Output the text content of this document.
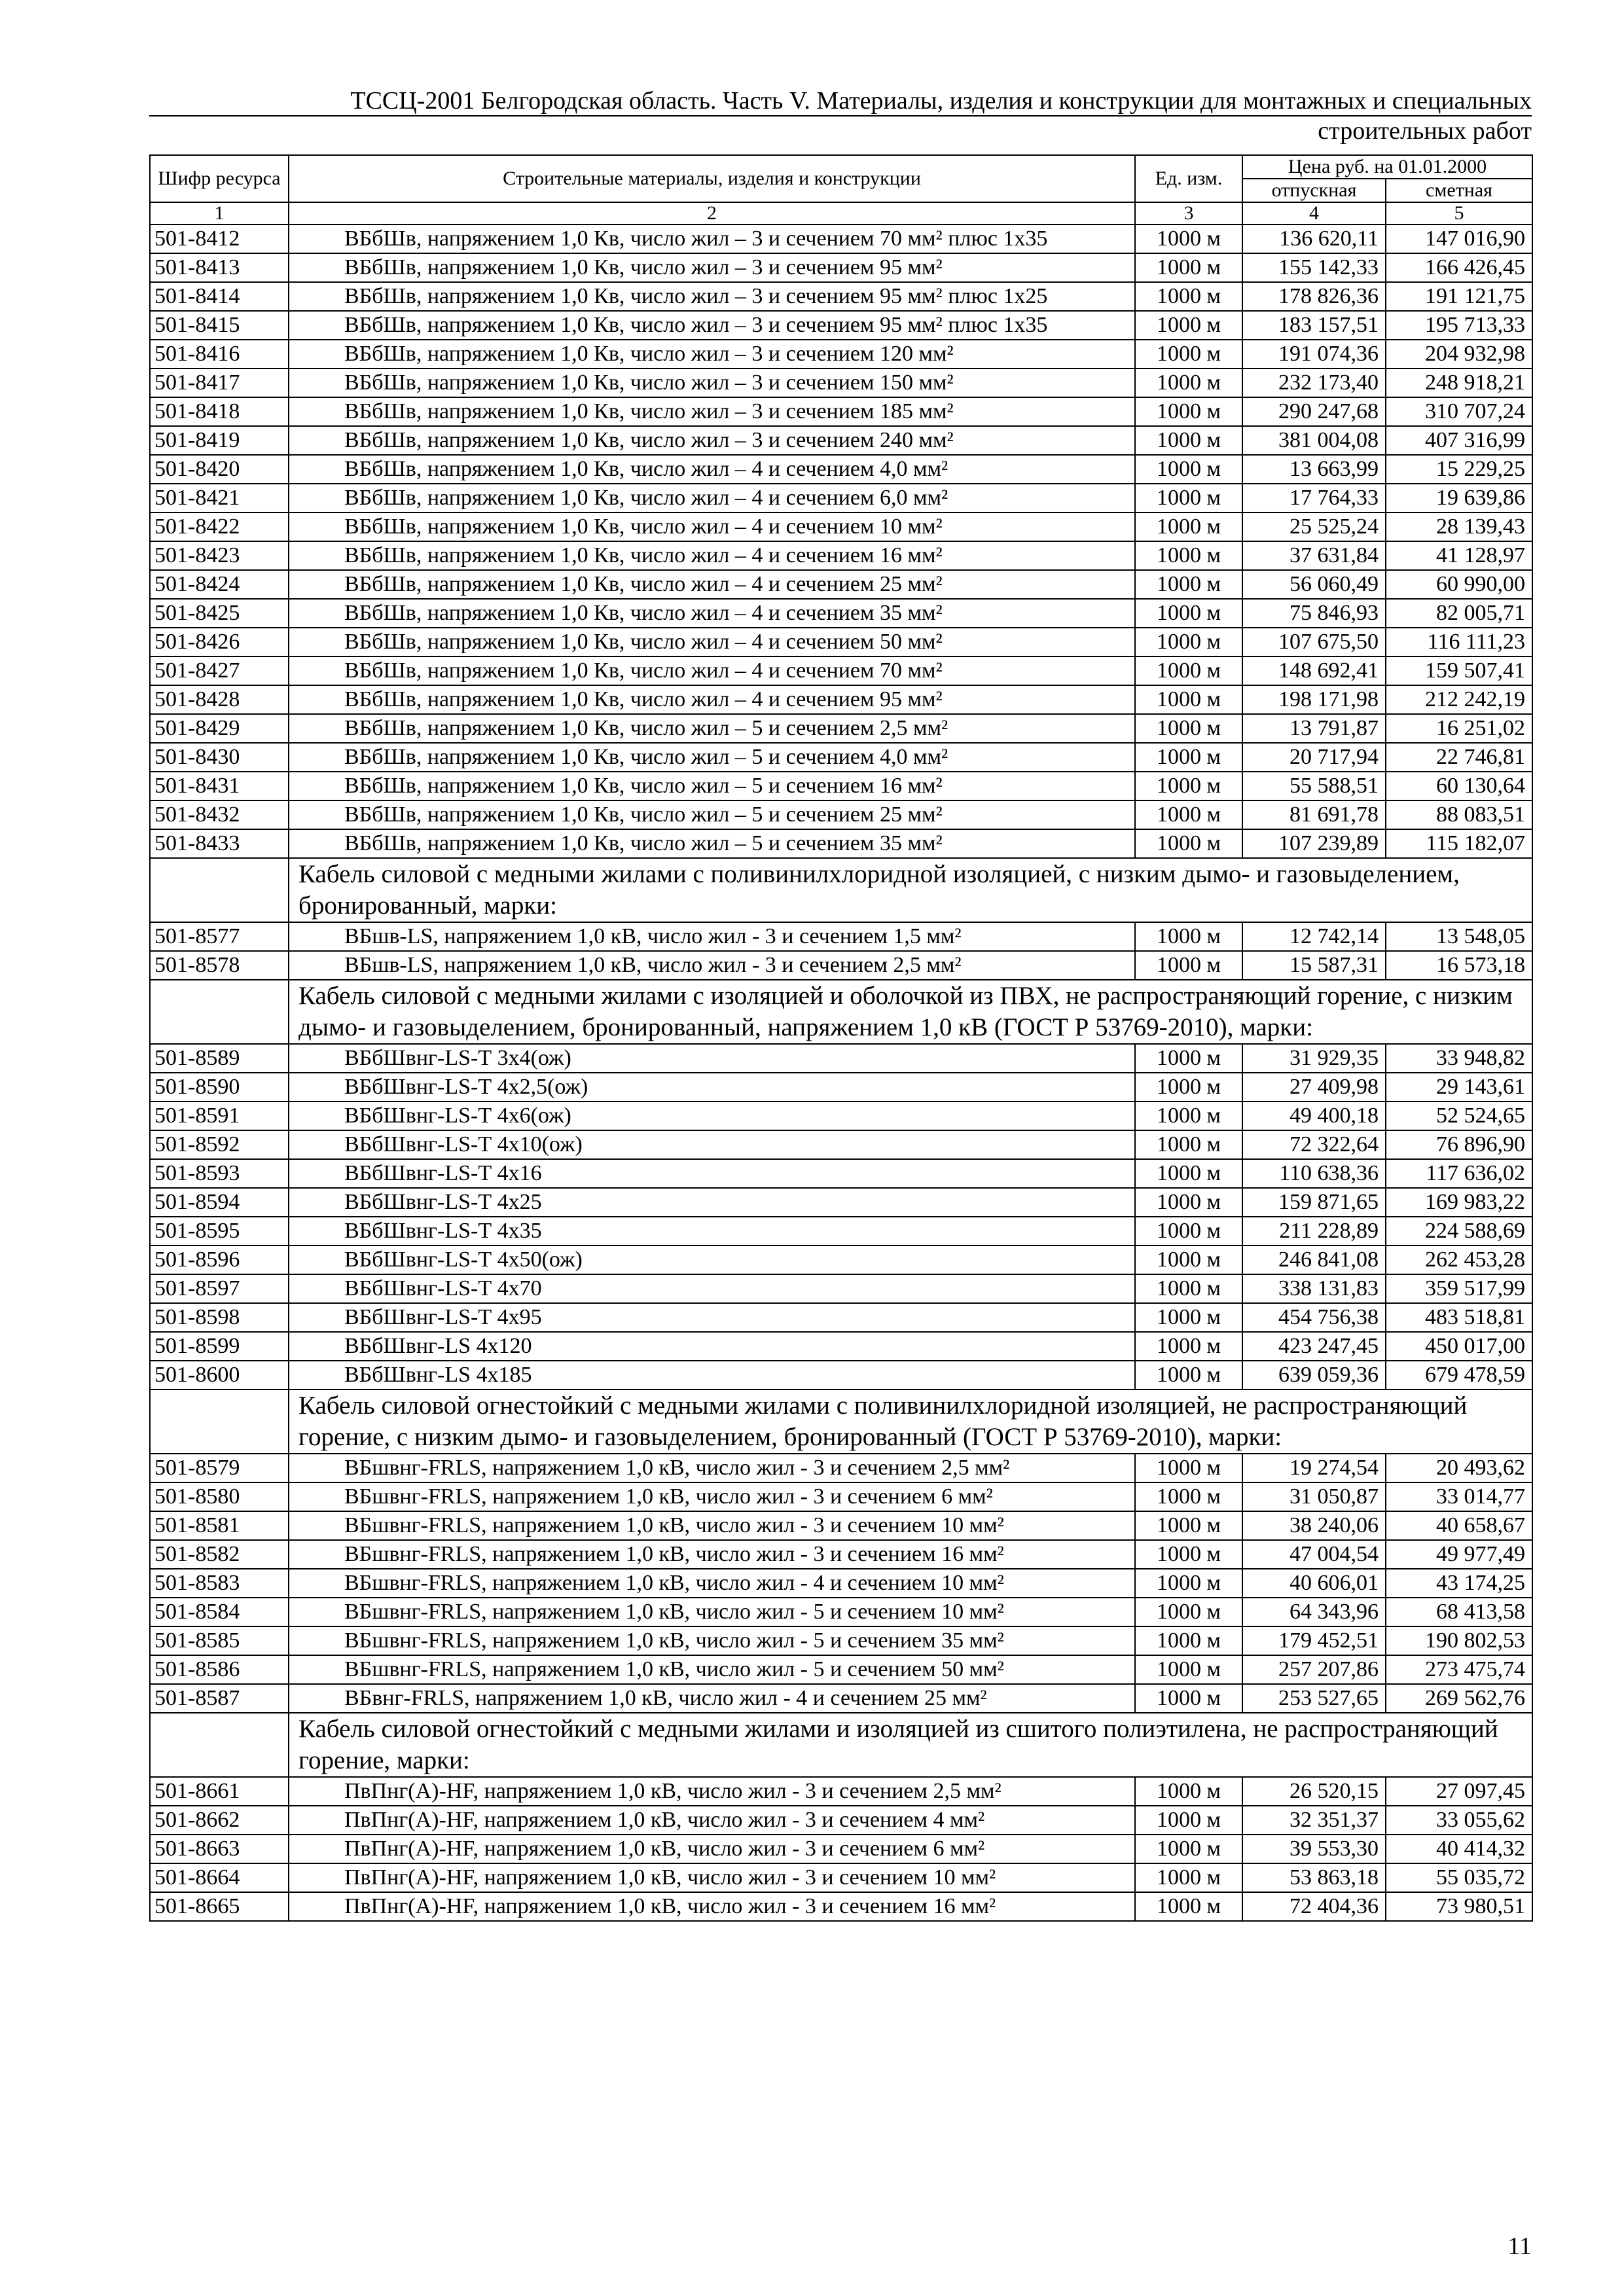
ТССЦ-2001 Белгородская область. Часть V. Материалы, изделия и конструкции для монтажных и специальных
строительных работ
Шифр ресурса	Строительные материалы, изделия и конструкции	Ед. изм.	Цена руб. на 01.01.2000	
			отпускная	сметная
1	2	3	4	5
501-8412	ВБбШв, напряжением 1,0 Кв, число жил – 3 и сечением 70 мм² плюс 1х35	1000 м	136 620,11	147 016,90
501-8413	ВБбШв, напряжением 1,0 Кв, число жил – 3 и сечением 95 мм²	1000 м	155 142,33	166 426,45
501-8414	ВБбШв, напряжением 1,0 Кв, число жил – 3 и сечением 95 мм² плюс 1х25	1000 м	178 826,36	191 121,75
501-8415	ВБбШв, напряжением 1,0 Кв, число жил – 3 и сечением 95 мм² плюс 1х35	1000 м	183 157,51	195 713,33
501-8416	ВБбШв, напряжением 1,0 Кв, число жил – 3 и сечением 120 мм²	1000 м	191 074,36	204 932,98
501-8417	ВБбШв, напряжением 1,0 Кв, число жил – 3 и сечением 150 мм²	1000 м	232 173,40	248 918,21
501-8418	ВБбШв, напряжением 1,0 Кв, число жил – 3 и сечением 185 мм²	1000 м	290 247,68	310 707,24
501-8419	ВБбШв, напряжением 1,0 Кв, число жил – 3 и сечением 240 мм²	1000 м	381 004,08	407 316,99
501-8420	ВБбШв, напряжением 1,0 Кв, число жил – 4 и сечением 4,0 мм²	1000 м	13 663,99	15 229,25
501-8421	ВБбШв, напряжением 1,0 Кв, число жил – 4 и сечением 6,0 мм²	1000 м	17 764,33	19 639,86
501-8422	ВБбШв, напряжением 1,0 Кв, число жил – 4 и сечением 10 мм²	1000 м	25 525,24	28 139,43
501-8423	ВБбШв, напряжением 1,0 Кв, число жил – 4 и сечением 16 мм²	1000 м	37 631,84	41 128,97
501-8424	ВБбШв, напряжением 1,0 Кв, число жил – 4 и сечением 25 мм²	1000 м	56 060,49	60 990,00
501-8425	ВБбШв, напряжением 1,0 Кв, число жил – 4 и сечением 35 мм²	1000 м	75 846,93	82 005,71
501-8426	ВБбШв, напряжением 1,0 Кв, число жил – 4 и сечением 50 мм²	1000 м	107 675,50	116 111,23
501-8427	ВБбШв, напряжением 1,0 Кв, число жил – 4 и сечением 70 мм²	1000 м	148 692,41	159 507,41
501-8428	ВБбШв, напряжением 1,0 Кв, число жил – 4 и сечением 95 мм²	1000 м	198 171,98	212 242,19
501-8429	ВБбШв, напряжением 1,0 Кв, число жил – 5 и сечением 2,5 мм²	1000 м	13 791,87	16 251,02
501-8430	ВБбШв, напряжением 1,0 Кв, число жил – 5 и сечением 4,0 мм²	1000 м	20 717,94	22 746,81
501-8431	ВБбШв, напряжением 1,0 Кв, число жил – 5 и сечением 16 мм²	1000 м	55 588,51	60 130,64
501-8432	ВБбШв, напряжением 1,0 Кв, число жил – 5 и сечением 25 мм²	1000 м	81 691,78	88 083,51
501-8433	ВБбШв, напряжением 1,0 Кв, число жил – 5 и сечением 35 мм²	1000 м	107 239,89	115 182,07
	Кабель силовой с медными жилами с поливинилхлоридной изоляцией, с низким дымо- и газовыделением, бронированный, марки:			
501-8577	ВБшв-LS, напряжением 1,0 кВ, число жил - 3 и сечением 1,5 мм²	1000 м	12 742,14	13 548,05
501-8578	ВБшв-LS, напряжением 1,0 кВ, число жил - 3 и сечением 2,5 мм²	1000 м	15 587,31	16 573,18
	Кабель силовой с медными жилами с изоляцией и оболочкой из ПВХ, не распространяющий горение, с низким дымо- и газовыделением, бронированный, напряжением 1,0 кВ (ГОСТ Р 53769-2010), марки:			
501-8589	ВБбШвнг-LS-Т 3х4(ож)	1000 м	31 929,35	33 948,82
501-8590	ВБбШвнг-LS-Т 4х2,5(ож)	1000 м	27 409,98	29 143,61
501-8591	ВБбШвнг-LS-Т 4х6(ож)	1000 м	49 400,18	52 524,65
501-8592	ВБбШвнг-LS-Т 4х10(ож)	1000 м	72 322,64	76 896,90
501-8593	ВБбШвнг-LS-Т 4х16	1000 м	110 638,36	117 636,02
501-8594	ВБбШвнг-LS-Т 4х25	1000 м	159 871,65	169 983,22
501-8595	ВБбШвнг-LS-Т 4х35	1000 м	211 228,89	224 588,69
501-8596	ВБбШвнг-LS-Т 4х50(ож)	1000 м	246 841,08	262 453,28
501-8597	ВБбШвнг-LS-Т 4х70	1000 м	338 131,83	359 517,99
501-8598	ВБбШвнг-LS-Т 4х95	1000 м	454 756,38	483 518,81
501-8599	ВБбШвнг-LS 4х120	1000 м	423 247,45	450 017,00
501-8600	ВБбШвнг-LS 4х185	1000 м	639 059,36	679 478,59
	Кабель силовой огнестойкий с медными жилами с поливинилхлоридной изоляцией, не распространяющий горение, с низким дымо- и газовыделением, бронированный (ГОСТ Р 53769-2010), марки:			
501-8579	ВБшвнг-FRLS, напряжением 1,0 кВ, число жил - 3 и сечением 2,5 мм²	1000 м	19 274,54	20 493,62
501-8580	ВБшвнг-FRLS, напряжением 1,0 кВ, число жил - 3 и сечением 6 мм²	1000 м	31 050,87	33 014,77
501-8581	ВБшвнг-FRLS, напряжением 1,0 кВ, число жил - 3 и сечением 10 мм²	1000 м	38 240,06	40 658,67
501-8582	ВБшвнг-FRLS, напряжением 1,0 кВ, число жил - 3 и сечением 16 мм²	1000 м	47 004,54	49 977,49
501-8583	ВБшвнг-FRLS, напряжением 1,0 кВ, число жил - 4 и сечением 10 мм²	1000 м	40 606,01	43 174,25
501-8584	ВБшвнг-FRLS, напряжением 1,0 кВ, число жил - 5 и сечением 10 мм²	1000 м	64 343,96	68 413,58
501-8585	ВБшвнг-FRLS, напряжением 1,0 кВ, число жил - 5 и сечением 35 мм²	1000 м	179 452,51	190 802,53
501-8586	ВБшвнг-FRLS, напряжением 1,0 кВ, число жил - 5 и сечением 50 мм²	1000 м	257 207,86	273 475,74
501-8587	ВБвнг-FRLS, напряжением 1,0 кВ, число жил - 4 и сечением 25 мм²	1000 м	253 527,65	269 562,76
	Кабель силовой огнестойкий с медными жилами и изоляцией из сшитого полиэтилена, не распространяющий горение, марки:			
501-8661	ПвПнг(А)-HF, напряжением 1,0 кВ, число жил - 3 и сечением 2,5 мм²	1000 м	26 520,15	27 097,45
501-8662	ПвПнг(А)-HF, напряжением 1,0 кВ, число жил - 3 и сечением 4 мм²	1000 м	32 351,37	33 055,62
501-8663	ПвПнг(А)-HF, напряжением 1,0 кВ, число жил - 3 и сечением 6 мм²	1000 м	39 553,30	40 414,32
501-8664	ПвПнг(А)-HF, напряжением 1,0 кВ, число жил - 3 и сечением 10 мм²	1000 м	53 863,18	55 035,72
501-8665	ПвПнг(А)-HF, напряжением 1,0 кВ, число жил - 3 и сечением 16 мм²	1000 м	72 404,36	73 980,51
11
